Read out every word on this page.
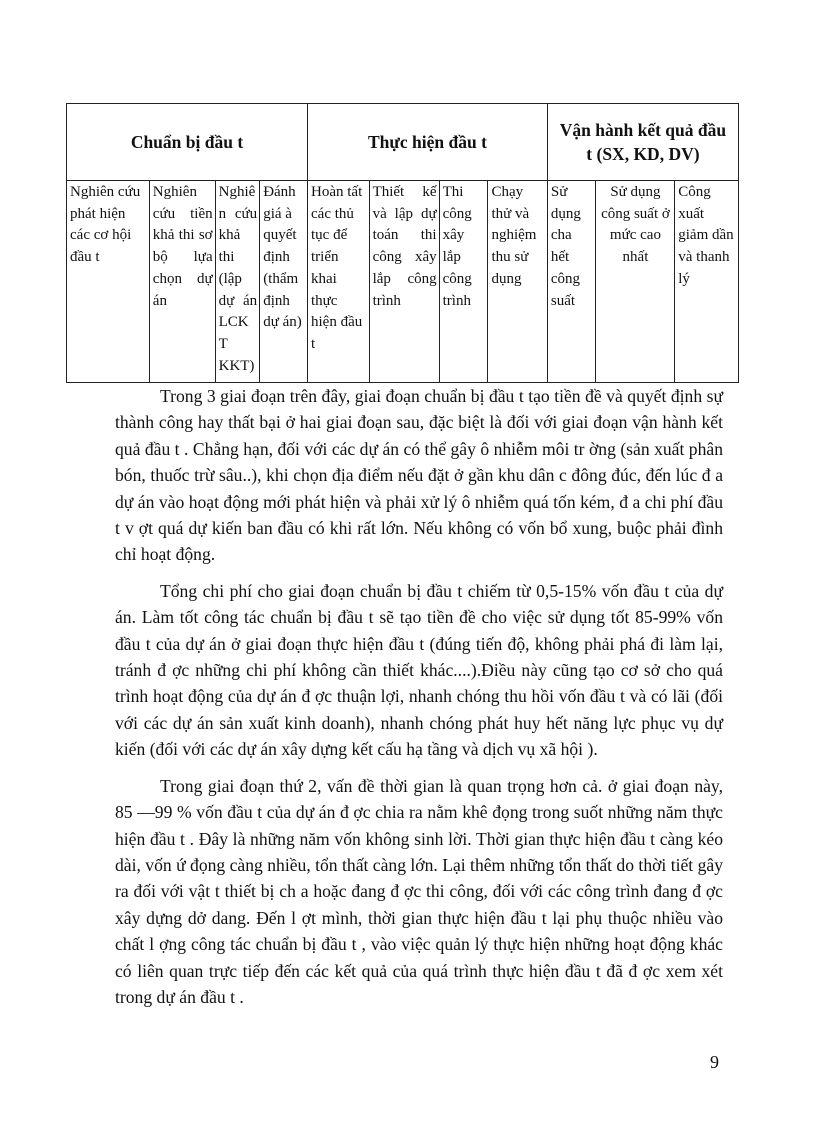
Chuẩn bị đầu t				Thực hiện đầu t				Vận hành kết quả đầu t (SX, KD, DV)		
Nghiên cứu phát hiện các cơ hội đầu t	Nghiên cứu tiền khả thi sơ bộ lựa chọn dự án	Nghiên cứu khả thi (lập dự án LCKT KKT)	Đánh giá à quyết định (thẩm định dự án)	Hoàn tất các thủ tục để triển khai thực hiện đầu t	Thiết kế và lập dự toán thi công xây lắp công trình	Thi công xây lắp công trình	Chạy thử và nghiệm thu sử dụng	Sử dụng cha hết công suất	Sử dụng công suất ở mức cao nhất	Công xuất giảm dần và thanh lý

Trong 3 giai đoạn trên đây, giai đoạn chuẩn bị đầu t tạo tiền đề và quyết định sự thành công hay thất bại ở hai giai đoạn sau, đặc biệt là đối với giai đoạn vận hành kết quả đầu t . Chẳng hạn, đối với các dự án có thể gây ô nhiễm môi tr ờng (sản xuất phân bón, thuốc trừ sâu..), khi chọn địa điểm nếu đặt ở gần khu dân c đông đúc, đến lúc đ a dự án vào hoạt động mới phát hiện và phải xử lý ô nhiễm quá tốn kém, đ a chi phí đầu t v ợt quá dự kiến ban đầu có khi rất lớn. Nếu không có vốn bổ xung, buộc phải đình chỉ hoạt động.

Tổng chi phí cho giai đoạn chuẩn bị đầu t chiếm từ 0,5-15% vốn đầu t của dự án. Làm tốt công tác chuẩn bị đầu t sẽ tạo tiền đề cho việc sử dụng tốt 85-99% vốn đầu t của dự án ở giai đoạn thực hiện đầu t (đúng tiến độ, không phải phá đi làm lại, tránh đ ợc những chi phí không cần thiết khác....).Điều này cũng tạo cơ sở cho quá trình hoạt động của dự án đ ợc thuận lợi, nhanh chóng thu hồi vốn đầu t và có lãi (đối với các dự án sản xuất kinh doanh), nhanh chóng phát huy hết năng lực phục vụ dự kiến (đối với các dự án xây dựng kết cấu hạ tầng và dịch vụ xã hội ).

Trong giai đoạn thứ 2, vấn đề thời gian là quan trọng hơn cả. ở giai đoạn này, 85 —99 % vốn đầu t của dự án đ ợc chia ra nằm khê đọng trong suốt những năm thực hiện đầu t . Đây là những năm vốn không sinh lời. Thời gian thực hiện đầu t càng kéo dài, vốn ứ đọng càng nhiều, tổn thất càng lớn. Lại thêm những tổn thất do thời tiết gây ra đối với vật t thiết bị ch a hoặc đang đ ợc thi công, đối với các công trình đang đ ợc xây dựng dở dang. Đến l ợt mình, thời gian thực hiện đầu t lại phụ thuộc nhiều vào chất l ợng công tác chuẩn bị đầu t , vào việc quản lý thực hiện những hoạt động khác có liên quan trực tiếp đến các kết quả của quá trình thực hiện đầu t đã đ ợc xem xét trong dự án đầu t .

9
